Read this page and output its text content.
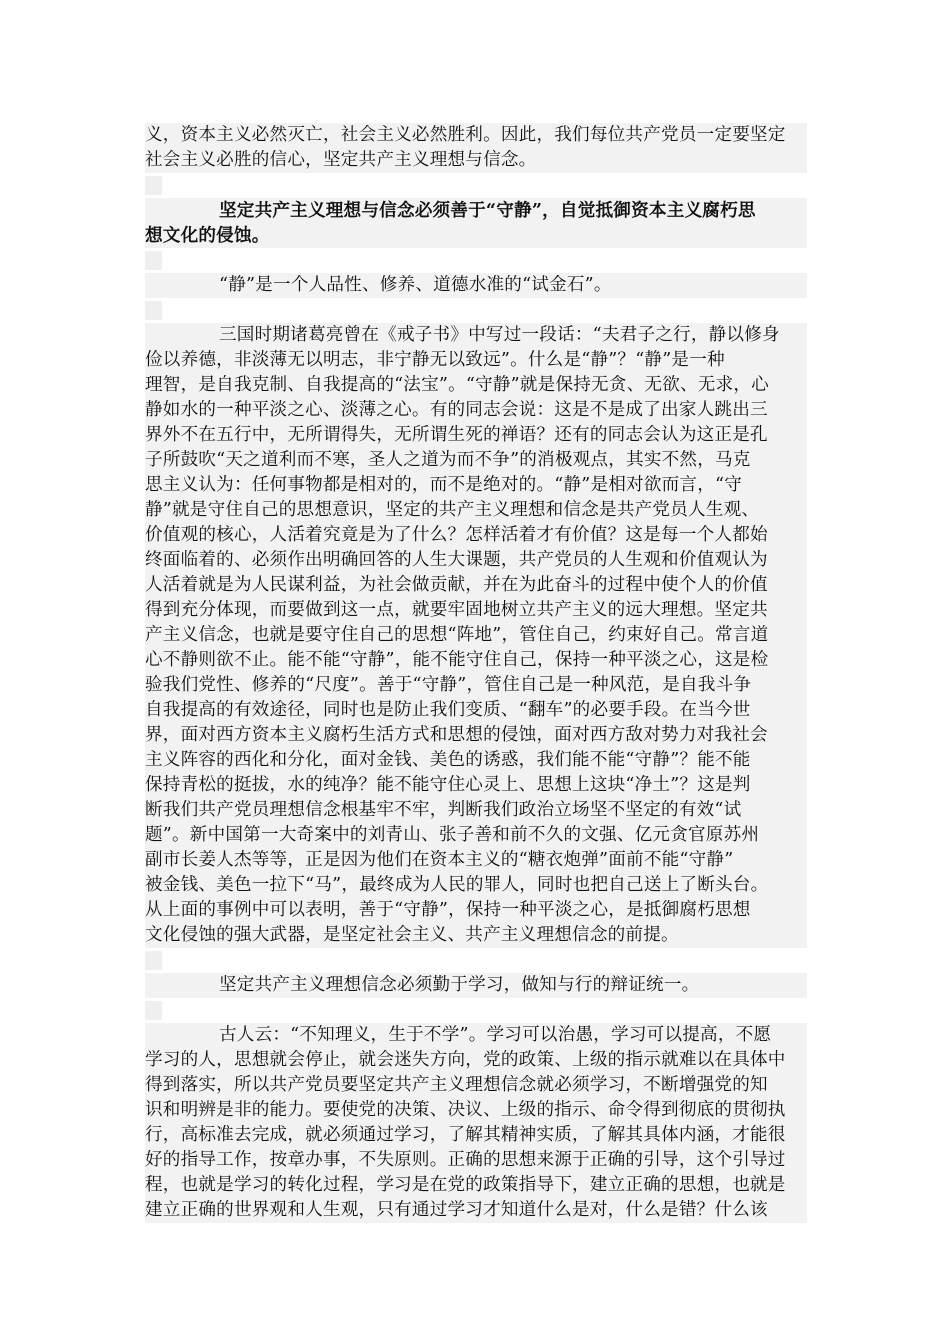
义，资本主义必然灭亡，社会主义必然胜利。因此，我们每位共产党员一定要坚定
社会主义必胜的信心，坚定共产主义理想与信念。
坚定共产主义理想与信念必须善于“守静”，自觉抵御资本主义腐朽思
想文化的侵蚀。
“静”是一个人品性、修养、道德水准的“试金石”。
三国时期诸葛亮曾在《戒子书》中写过一段话：“夫君子之行，静以修身
俭以养德，非淡薄无以明志，非宁静无以致远”。什么是“静”？“静”是一种
理智，是自我克制、自我提高的“法宝”。“守静”就是保持无贪、无欲、无求，心
静如水的一种平淡之心、淡薄之心。有的同志会说：这是不是成了出家人跳出三
界外不在五行中，无所谓得失，无所谓生死的禅语？还有的同志会认为这正是孔
子所鼓吹“天之道利而不寒，圣人之道为而不争”的消极观点，其实不然，马克
思主义认为：任何事物都是相对的，而不是绝对的。“静”是相对欲而言，“守
静”就是守住自己的思想意识，坚定的共产主义理想和信念是共产党员人生观、
价值观的核心，人活着究竟是为了什么？怎样活着才有价值？这是每一个人都始
终面临着的、必须作出明确回答的人生大课题，共产党员的人生观和价值观认为
人活着就是为人民谋利益，为社会做贡献，并在为此奋斗的过程中使个人的价值
得到充分体现，而要做到这一点，就要牢固地树立共产主义的远大理想。坚定共
产主义信念，也就是要守住自己的思想“阵地”，管住自己，约束好自己。常言道
心不静则欲不止。能不能“守静”，能不能守住自己，保持一种平淡之心，这是检
验我们党性、修养的“尺度”。善于“守静”，管住自己是一种风范，是自我斗争
自我提高的有效途径，同时也是防止我们变质、“翻车”的必要手段。在当今世
界，面对西方资本主义腐朽生活方式和思想的侵蚀，面对西方敌对势力对我社会
主义阵容的西化和分化，面对金钱、美色的诱惑，我们能不能“守静”？能不能
保持青松的挺拔，水的纯净？能不能守住心灵上、思想上这块“净土”？这是判
断我们共产党员理想信念根基牢不牢，判断我们政治立场坚不坚定的有效“试
题”。新中国第一大奇案中的刘青山、张子善和前不久的文强、亿元贪官原苏州
副市长姜人杰等等，正是因为他们在资本主义的“糖衣炮弹”面前不能“守静”
被金钱、美色一拉下“马”，最终成为人民的罪人，同时也把自己送上了断头台。
从上面的事例中可以表明，善于“守静”，保持一种平淡之心，是抵御腐朽思想
文化侵蚀的强大武器，是坚定社会主义、共产主义理想信念的前提。
坚定共产主义理想信念必须勤于学习，做知与行的辩证统一。
古人云：“不知理义，生于不学”。学习可以治愚，学习可以提高，不愿
学习的人，思想就会停止，就会迷失方向，党的政策、上级的指示就难以在具体中
得到落实，所以共产党员要坚定共产主义理想信念就必须学习，不断增强党的知
识和明辨是非的能力。要使党的决策、决议、上级的指示、命令得到彻底的贯彻执
行，高标准去完成，就必须通过学习，了解其精神实质，了解其具体内涵，才能很
好的指导工作，按章办事，不失原则。正确的思想来源于正确的引导，这个引导过
程，也就是学习的转化过程，学习是在党的政策指导下，建立正确的思想，也就是
建立正确的世界观和人生观，只有通过学习才知道什么是对，什么是错？什么该
